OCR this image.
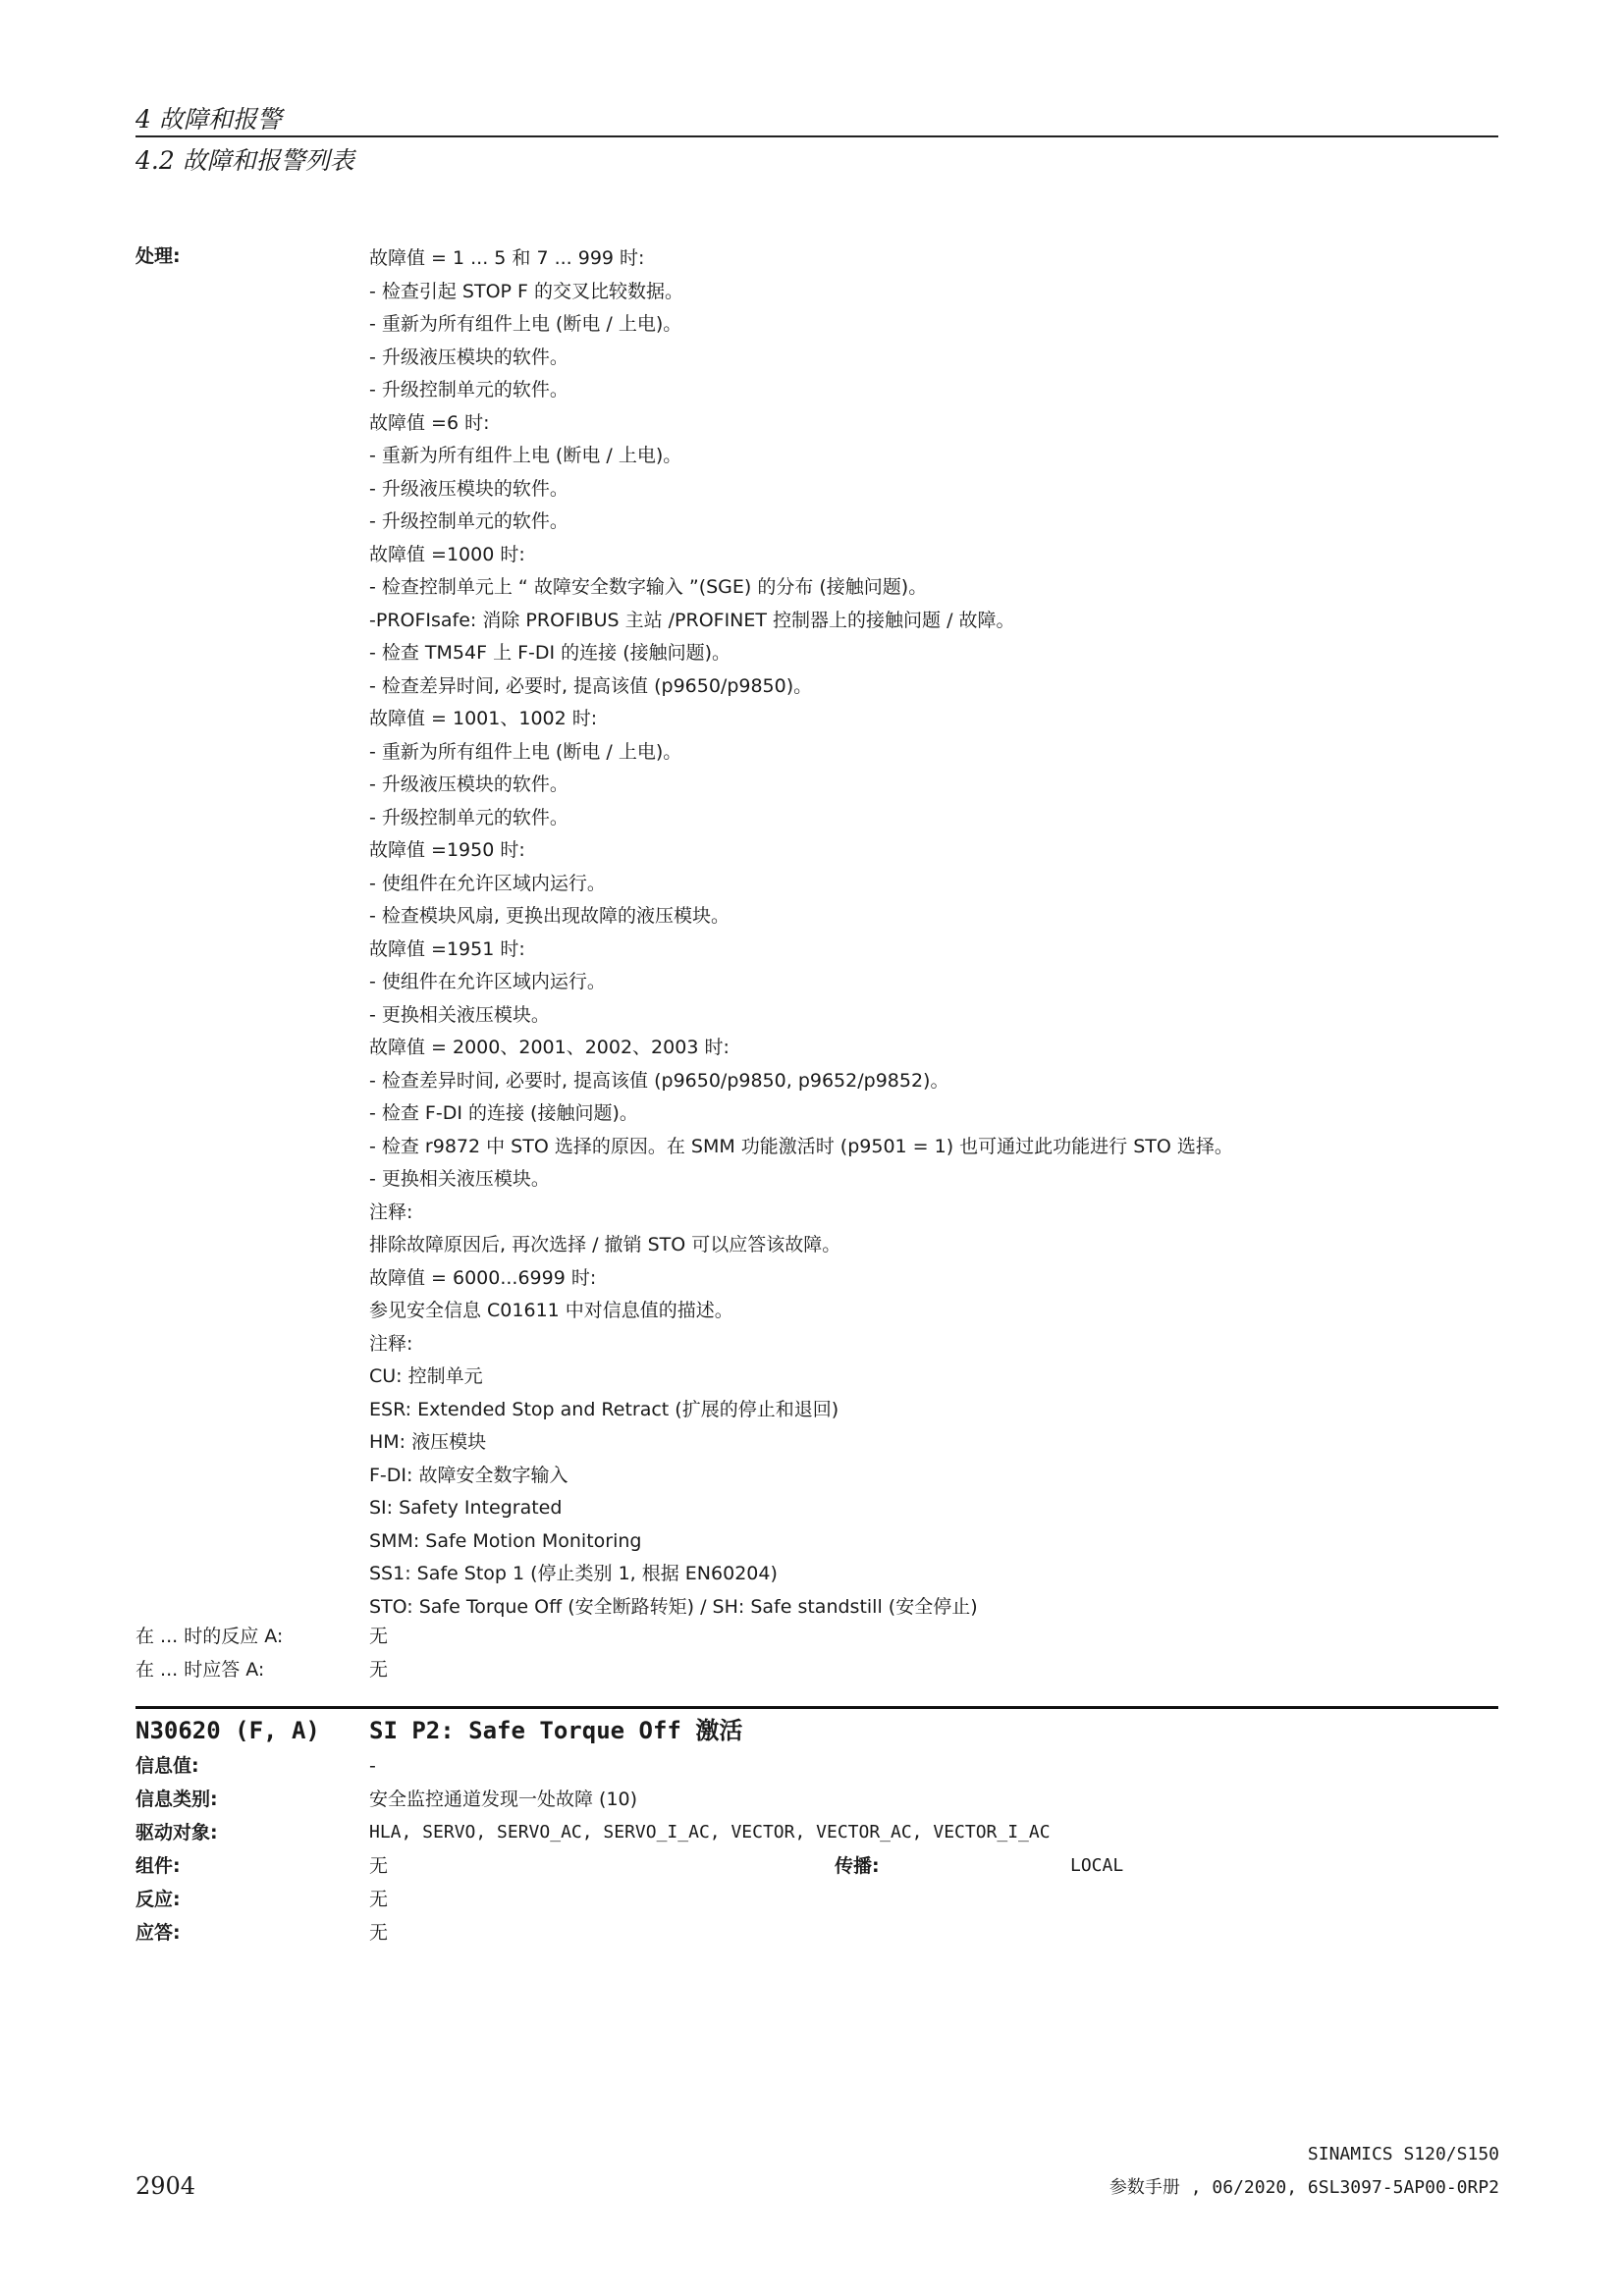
4 故障和报警
4.2 故障和报警列表
处理:	故障值 = 1 ... 5 和 7 ... 999 时:
- 检查引起 STOP F 的交叉比较数据。
- 重新为所有组件上电 (断电 / 上电)。
- 升级液压模块的软件。
- 升级控制单元的软件。
故障值 =6 时:
- 重新为所有组件上电 (断电 / 上电)。
- 升级液压模块的软件。
- 升级控制单元的软件。
故障值 =1000 时:
- 检查控制单元上 “ 故障安全数字输入 ”(SGE) 的分布 (接触问题)。
-PROFIsafe: 消除 PROFIBUS 主站 /PROFINET 控制器上的接触问题 / 故障。
- 检查 TM54F 上 F-DI 的连接 (接触问题)。
- 检查差异时间, 必要时, 提高该值 (p9650/p9850)。
故障值 = 1001、1002 时:
- 重新为所有组件上电 (断电 / 上电)。
- 升级液压模块的软件。
- 升级控制单元的软件。
故障值 =1950 时:
- 使组件在允许区域内运行。
- 检查模块风扇, 更换出现故障的液压模块。
故障值 =1951 时:
- 使组件在允许区域内运行。
- 更换相关液压模块。
故障值 = 2000、2001、2002、2003 时:
- 检查差异时间, 必要时, 提高该值 (p9650/p9850, p9652/p9852)。
- 检查 F-DI 的连接 (接触问题)。
- 检查 r9872 中 STO 选择的原因。在 SMM 功能激活时 (p9501 = 1) 也可通过此功能进行 STO 选择。
- 更换相关液压模块。
注释:
排除故障原因后, 再次选择 / 撤销 STO 可以应答该故障。
故障值 = 6000...6999 时:
参见安全信息 C01611 中对信息值的描述。
注释:
CU: 控制单元
ESR: Extended Stop and Retract (扩展的停止和退回)
HM: 液压模块
F-DI: 故障安全数字输入
SI: Safety Integrated
SMM: Safe Motion Monitoring
SS1: Safe Stop 1 (停止类别 1, 根据 EN60204)
STO: Safe Torque Off (安全断路转矩) / SH: Safe standstill (安全停止)
在 ... 时的反应 A:	无
在 ... 时应答 A:	无
N30620 (F, A) SI P2: Safe Torque Off 激活
信息值:	-
信息类别:	安全监控通道发现一处故障 (10)
驱动对象:	HLA, SERVO, SERVO_AC, SERVO_I_AC, VECTOR, VECTOR_AC, VECTOR_I_AC
组件:	无	传播:	LOCAL
反应:	无
应答:	无
2904
SINAMICS S120/S150
参数手册 , 06/2020, 6SL3097-5AP00-0RP2
